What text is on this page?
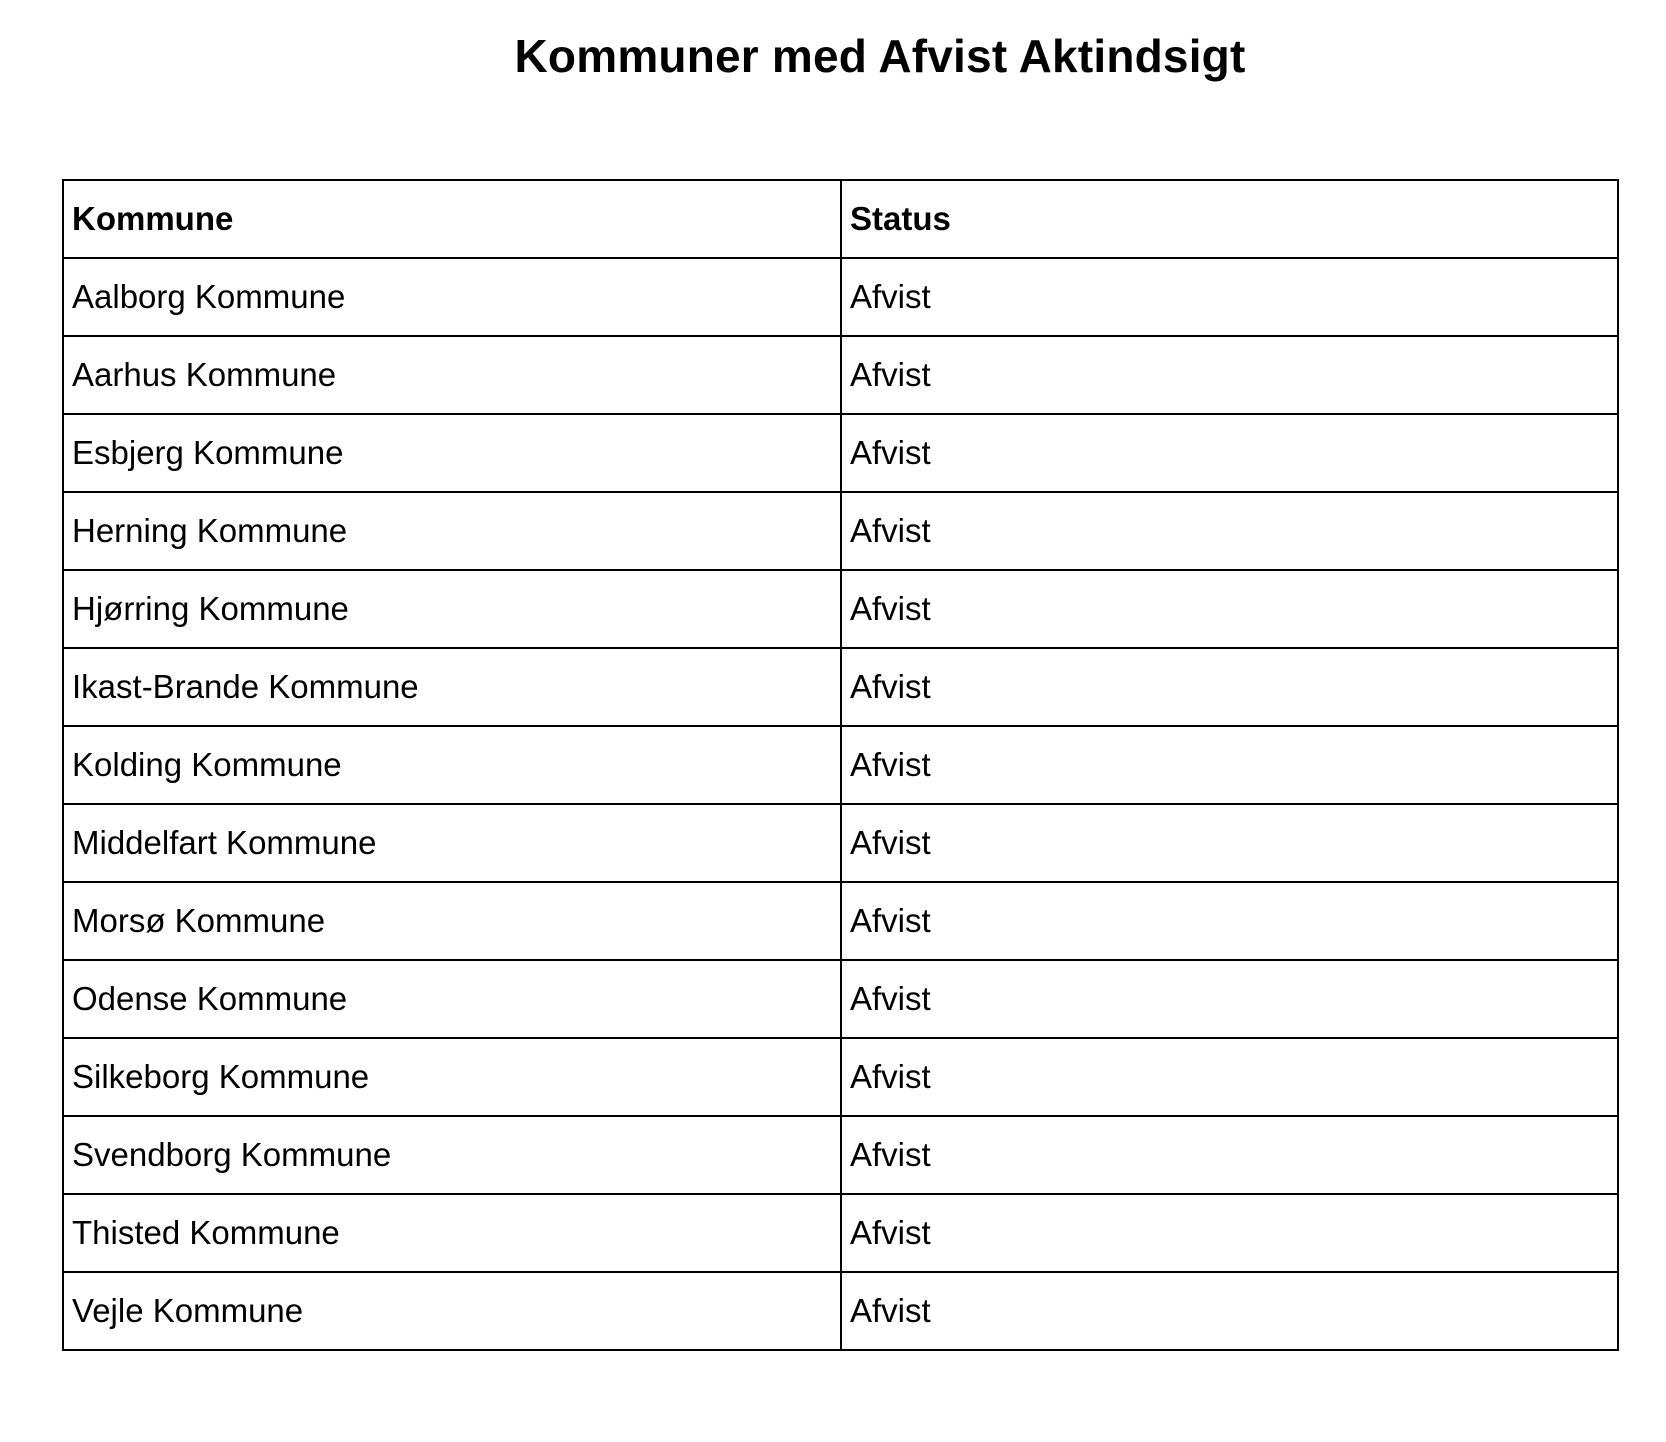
Kommuner med Afvist Aktindsigt
Kommune	Status
Aalborg Kommune	Afvist
Aarhus Kommune	Afvist
Esbjerg Kommune	Afvist
Herning Kommune	Afvist
Hjørring Kommune	Afvist
Ikast-Brande Kommune	Afvist
Kolding Kommune	Afvist
Middelfart Kommune	Afvist
Morsø Kommune	Afvist
Odense Kommune	Afvist
Silkeborg Kommune	Afvist
Svendborg Kommune	Afvist
Thisted Kommune	Afvist
Vejle Kommune	Afvist
